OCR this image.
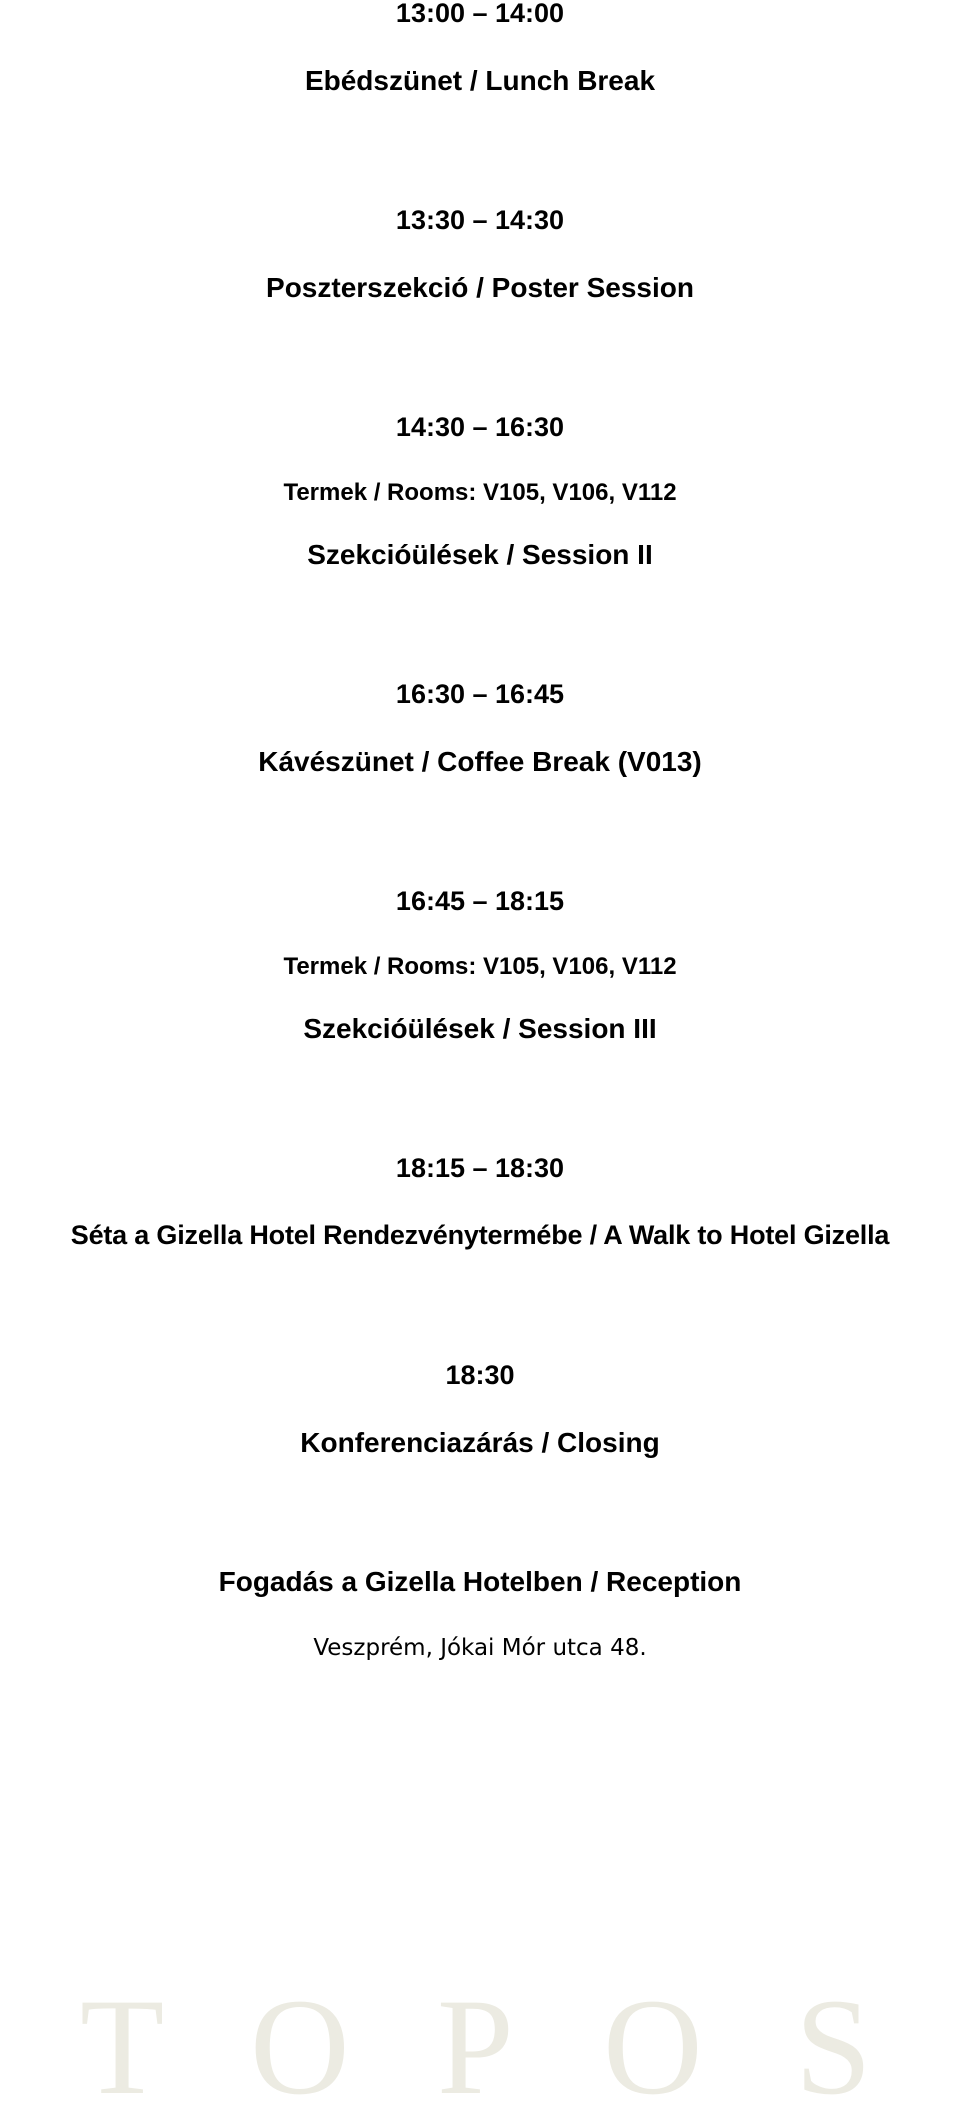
13:00 – 14:00
Ebédszünet / Lunch Break
13:30 – 14:30
Poszterszekció / Poster Session
14:30 – 16:30
Termek / Rooms: V105, V106, V112
Szekcióülések / Session II
16:30 – 16:45
Kávészünet / Coffee Break (V013)
16:45 – 18:15
Termek / Rooms: V105, V106, V112
Szekcióülések / Session III
18:15 – 18:30
Séta a Gizella Hotel Rendezvénytermébe / A Walk to Hotel Gizella
18:30
Konferenciazárás / Closing
Fogadás a Gizella Hotelben / Reception
Veszprém, Jókai Mór utca 48.
T O P O S
